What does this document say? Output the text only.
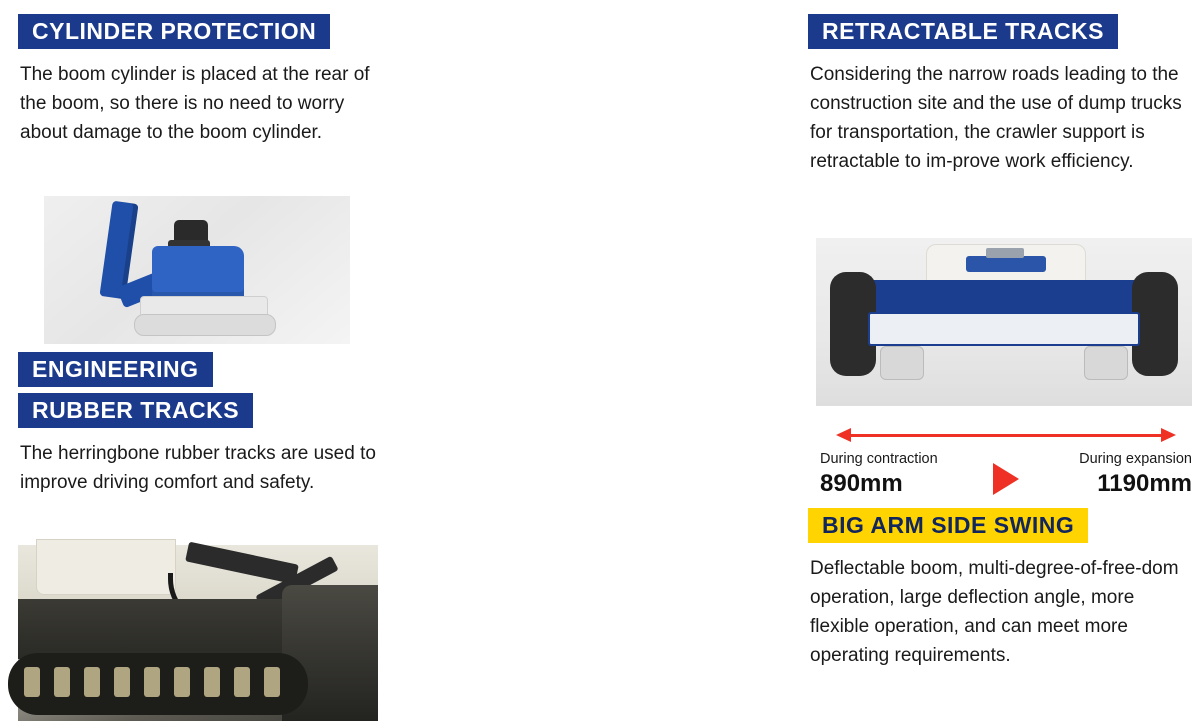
CYLINDER PROTECTION

The boom cylinder is placed at the rear of the boom, so there is no need to worry about damage to the boom cylinder.

ENGINEERING
RUBBER TRACKS

The herringbone rubber tracks are used to improve driving comfort and safety.

RETRACTABLE TRACKS

Considering the narrow roads leading to the construction site and the use of dump trucks for transportation, the crawler support is retractable to im-prove work efficiency.

During contraction
890mm
During expansion
1190mm
BIG ARM SIDE SWING

Deflectable boom, multi-degree-of-free-dom operation, large deflection angle, more flexible operation, and can meet more operating requirements.
